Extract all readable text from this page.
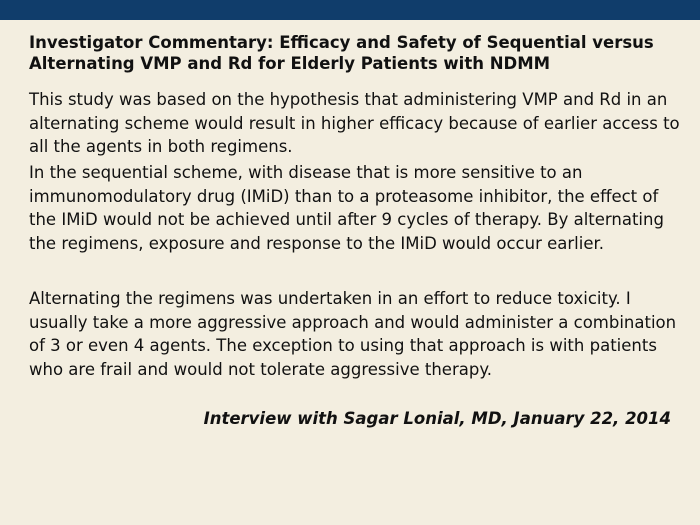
Investigator Commentary: Efficacy and Safety of Sequential versus Alternating VMP and Rd for Elderly Patients with NDMM

This study was based on the hypothesis that administering VMP and Rd in an alternating scheme would result in higher efficacy because of earlier access to all the agents in both regimens.

In the sequential scheme, with disease that is more sensitive to an immunomodulatory drug (IMiD) than to a proteasome inhibitor, the effect of the IMiD would not be achieved until after 9 cycles of therapy. By alternating the regimens, exposure and response to the IMiD would occur earlier.

Alternating the regimens was undertaken in an effort to reduce toxicity. I usually take a more aggressive approach and would administer a combination of 3 or even 4 agents. The exception to using that approach is with patients who are frail and would not tolerate aggressive therapy.

Interview with Sagar Lonial, MD, January 22, 2014
